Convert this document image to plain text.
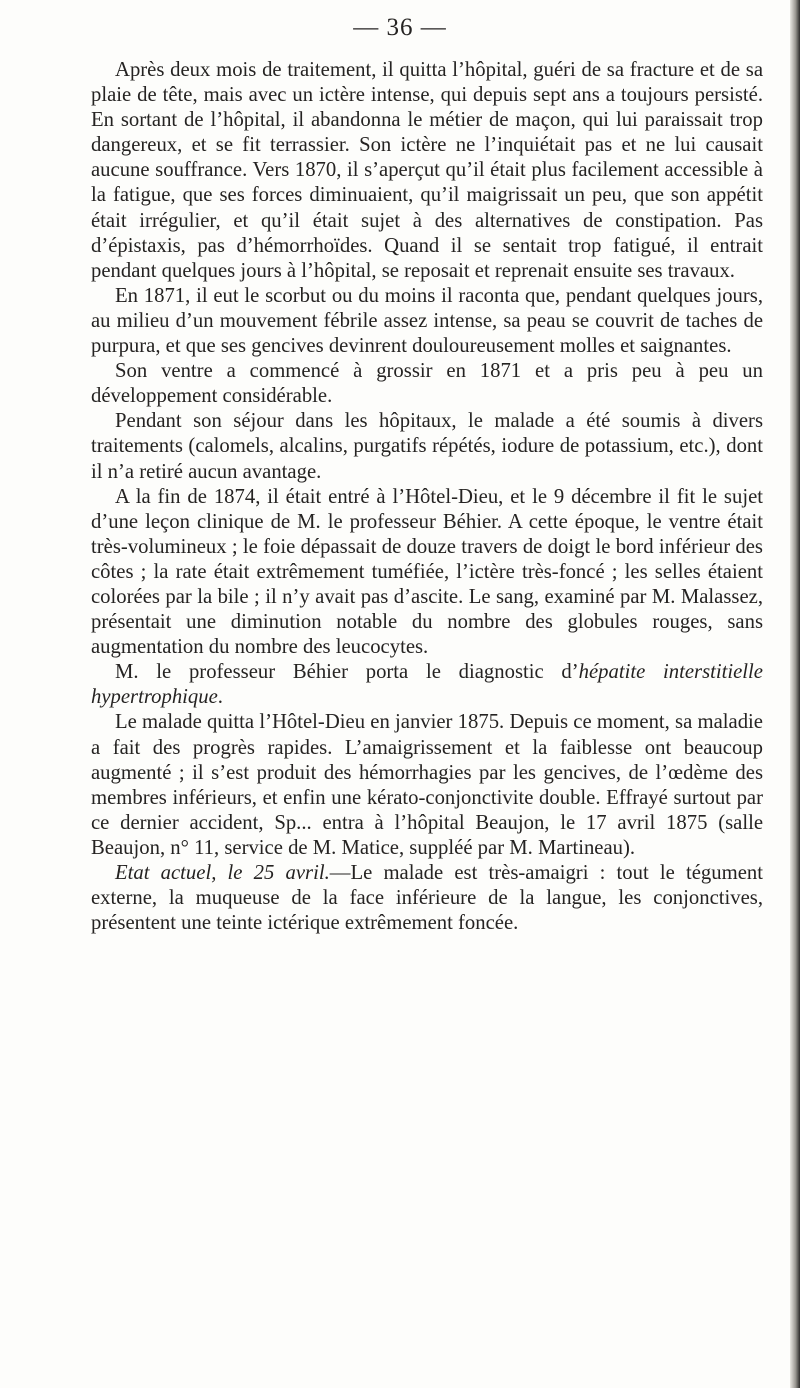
— 36 —

Après deux mois de traitement, il quitta l’hôpital, guéri de sa fracture et de sa plaie de tête, mais avec un ictère intense, qui depuis sept ans a toujours persisté. En sortant de l’hôpital, il abandonna le métier de maçon, qui lui paraissait trop dangereux, et se fit terrassier. Son ictère ne l’inquiétait pas et ne lui causait aucune souffrance. Vers 1870, il s’aperçut qu’il était plus facilement accessible à la fatigue, que ses forces diminuaient, qu’il maigrissait un peu, que son appétit était irrégulier, et qu’il était sujet à des alternatives de constipation. Pas d’épistaxis, pas d’hémorrhoïdes. Quand il se sentait trop fatigué, il entrait pendant quelques jours à l’hôpital, se reposait et reprenait ensuite ses travaux.

En 1871, il eut le scorbut ou du moins il raconta que, pendant quelques jours, au milieu d’un mouvement fébrile assez intense, sa peau se couvrit de taches de purpura, et que ses gencives devinrent douloureusement molles et saignantes.

Son ventre a commencé à grossir en 1871 et a pris peu à peu un développement considérable.

Pendant son séjour dans les hôpitaux, le malade a été soumis à divers traitements (calomels, alcalins, purgatifs répétés, iodure de potassium, etc.), dont il n’a retiré aucun avantage.

A la fin de 1874, il était entré à l’Hôtel-Dieu, et le 9 décembre il fit le sujet d’une leçon clinique de M. le professeur Béhier. A cette époque, le ventre était très-volumineux ; le foie dépassait de douze travers de doigt le bord inférieur des côtes ; la rate était extrêmement tuméfiée, l’ictère très-foncé ; les selles étaient colorées par la bile ; il n’y avait pas d’ascite. Le sang, examiné par M. Malassez, présentait une diminution notable du nombre des globules rouges, sans augmentation du nombre des leucocytes.

M. le professeur Béhier porta le diagnostic d’hépatite interstitielle hypertrophique.

Le malade quitta l’Hôtel-Dieu en janvier 1875. Depuis ce moment, sa maladie a fait des progrès rapides. L’amaigrissement et la faiblesse ont beaucoup augmenté ; il s’est produit des hémorrhagies par les gencives, de l’œdème des membres inférieurs, et enfin une kérato-conjonctivite double. Effrayé surtout par ce dernier accident, Sp... entra à l’hôpital Beaujon, le 17 avril 1875 (salle Beaujon, n° 11, service de M. Matice, suppléé par M. Martineau).

Etat actuel, le 25 avril.—Le malade est très-amaigri : tout le tégument externe, la muqueuse de la face inférieure de la langue, les conjonctives, présentent une teinte ictérique extrêmement foncée.
